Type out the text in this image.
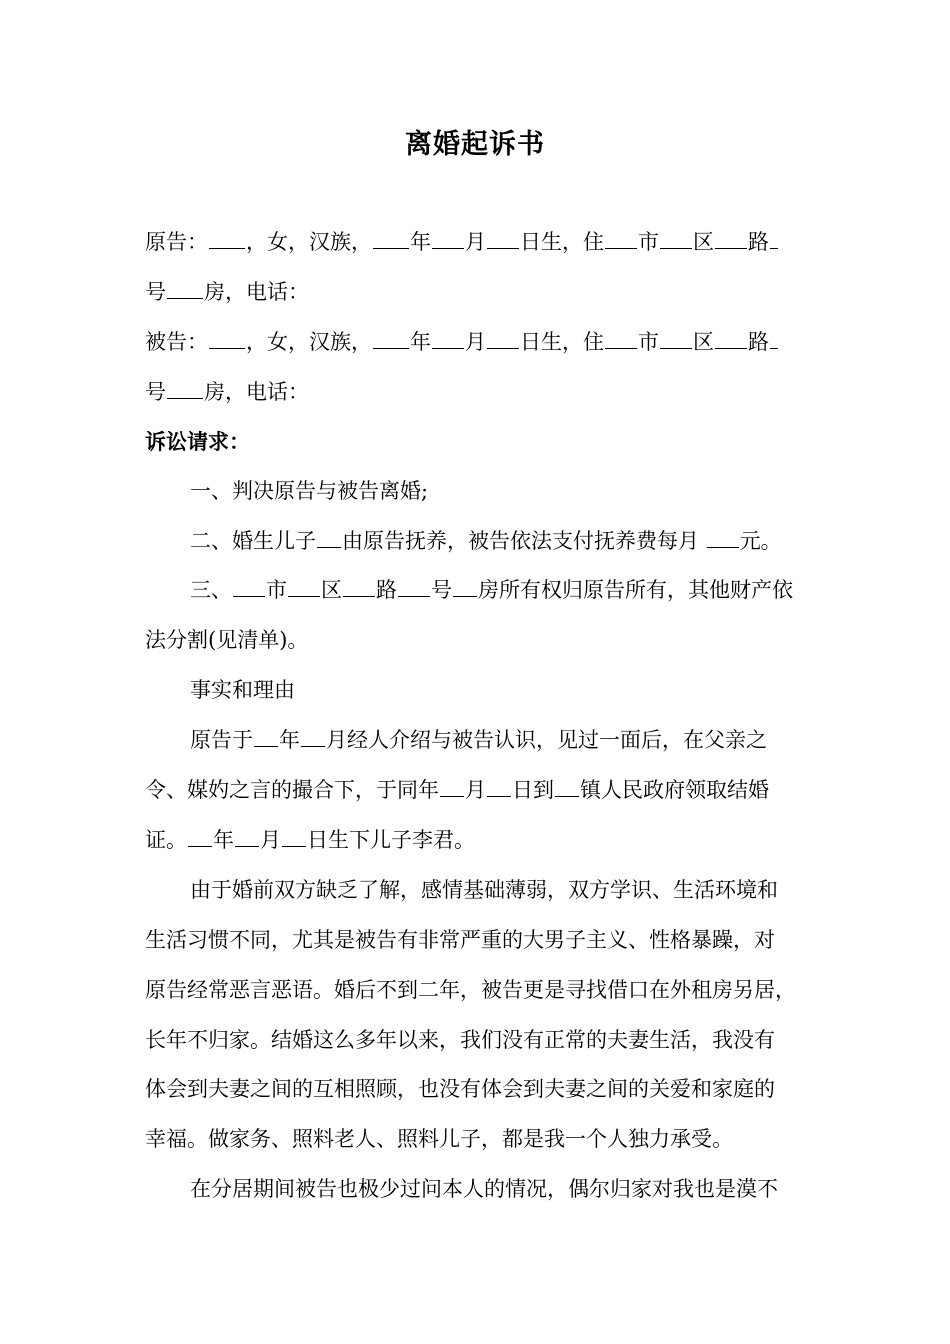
离婚起诉书
原告： ，女，汉族， 年 月 日生，住 市 区 路
号 房，电话：
被告： ，女，汉族， 年 月 日生，住 市 区 路
号 房，电话：
诉讼请求：
一、判决原告与被告离婚;
二、婚生儿子 由原告抚养，被告依法支付抚养费每月 元。
三、 市 区 路 号 房所有权归原告所有，其他财产依
法分割(见清单)。
事实和理由
原告于 年 月经人介绍与被告认识，见过一面后，在父亲之
令、媒妁之言的撮合下，于同年 月 日到 镇人民政府领取结婚
证。 年 月 日生下儿子李君。
由于婚前双方缺乏了解，感情基础薄弱，双方学识、生活环境和
生活习惯不同，尤其是被告有非常严重的大男子主义、性格暴躁，对
原告经常恶言恶语。婚后不到二年，被告更是寻找借口在外租房另居，
长年不归家。结婚这么多年以来，我们没有正常的夫妻生活，我没有
体会到夫妻之间的互相照顾，也没有体会到夫妻之间的关爱和家庭的
幸福。做家务、照料老人、照料儿子，都是我一个人独力承受。
在分居期间被告也极少过问本人的情况，偶尔归家对我也是漠不
